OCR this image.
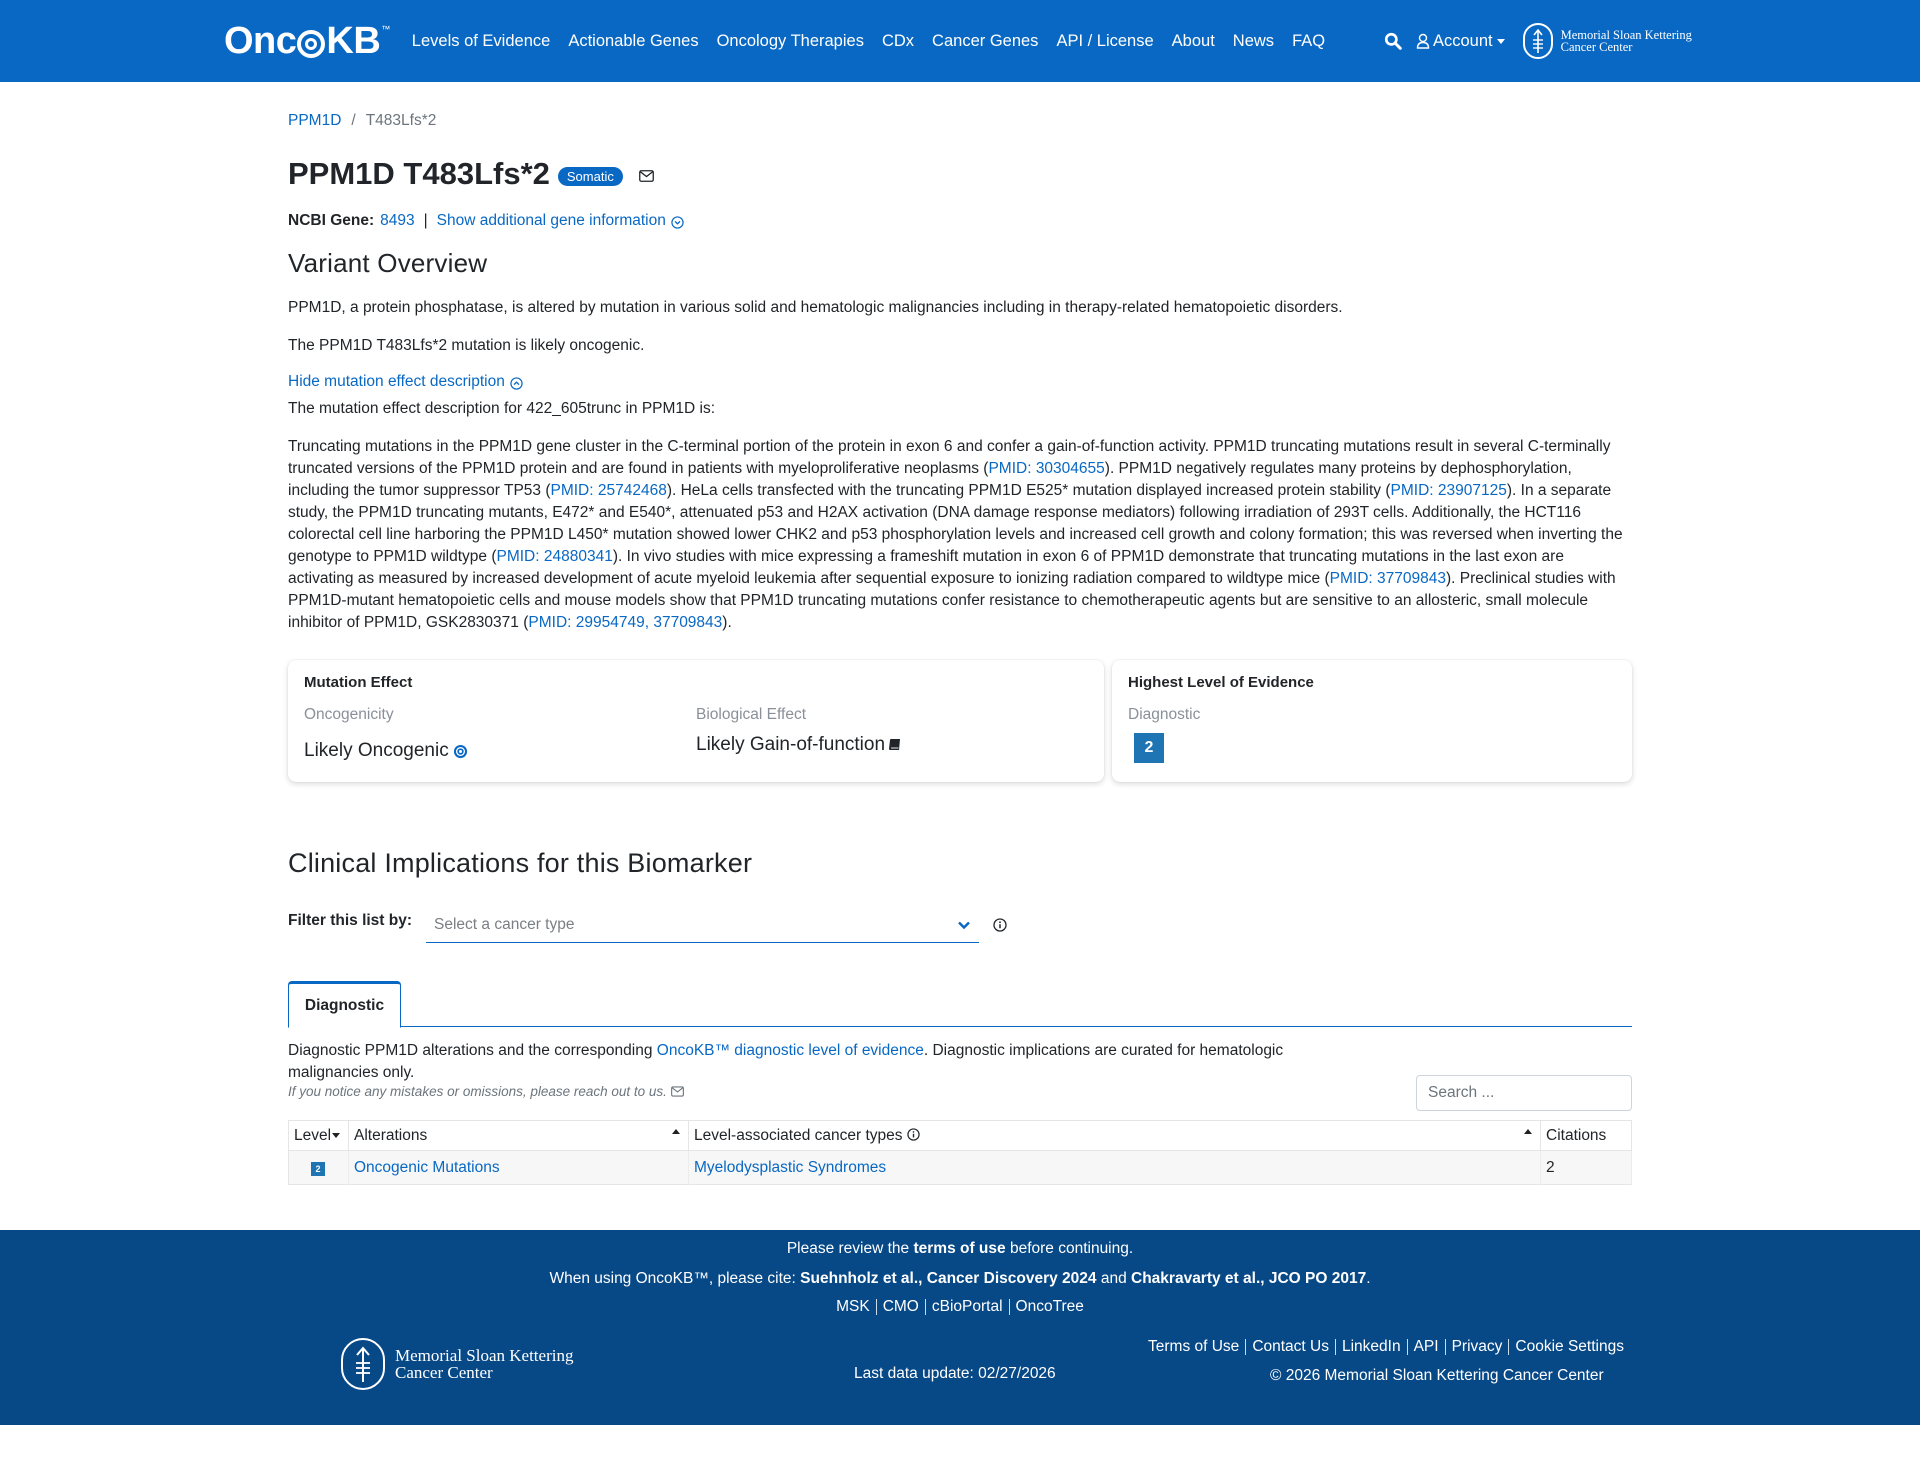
Onc KB ™
Levels of Evidence Actionable Genes Oncology Therapies CDx Cancer Genes API / License About News FAQ	Account	Memorial Sloan Kettering
Cancer Center
PPM1D / T483Lfs*2
PPM1D T483Lfs*2	Somatic
NCBI Gene: 8493 | Show additional gene information
Variant Overview

PPM1D, a protein phosphatase, is altered by mutation in various solid and hematologic malignancies including in therapy-related hematopoietic disorders.

The PPM1D T483Lfs*2 mutation is likely oncogenic.

Hide mutation effect description

The mutation effect description for 422_605trunc in PPM1D is:

Truncating mutations in the PPM1D gene cluster in the C-terminal portion of the protein in exon 6 and confer a gain-of-function activity. PPM1D truncating mutations result in several C-terminally truncated versions of the PPM1D protein and are found in patients with myeloproliferative neoplasms (PMID: 30304655). PPM1D negatively regulates many proteins by dephosphorylation, including the tumor suppressor TP53 (PMID: 25742468). HeLa cells transfected with the truncating PPM1D E525* mutation displayed increased protein stability (PMID: 23907125). In a separate study, the PPM1D truncating mutants, E472* and E540*, attenuated p53 and H2AX activation (DNA damage response mediators) following irradiation of 293T cells. Additionally, the HCT116 colorectal cell line harboring the PPM1D L450* mutation showed lower CHK2 and p53 phosphorylation levels and increased cell growth and colony formation; this was reversed when inverting the genotype to PPM1D wildtype (PMID: 24880341). In vivo studies with mice expressing a frameshift mutation in exon 6 of PPM1D demonstrate that truncating mutations in the last exon are activating as measured by increased development of acute myeloid leukemia after sequential exposure to ionizing radiation compared to wildtype mice (PMID: 37709843). Preclinical studies with PPM1D-mutant hematopoietic cells and mouse models show that PPM1D truncating mutations confer resistance to chemotherapeutic agents but are sensitive to an allosteric, small molecule inhibitor of PPM1D, GSK2830371 (PMID: 29954749, 37709843).

Mutation Effect
Oncogenicity
Likely Oncogenic
Biological Effect
Likely Gain-of-function
Highest Level of Evidence
Diagnostic
2
Clinical Implications for this Biomarker
Filter this list by: Select a cancer type
Diagnostic

Diagnostic PPM1D alterations and the corresponding OncoKB™ diagnostic level of evidence. Diagnostic implications are curated for hematologic malignancies only.

If you notice any mistakes or omissions, please reach out to us.	Search ...
Level	Alterations	Level-associated cancer types	Citations
2	Oncogenic Mutations	Myelodysplastic Syndromes	2
Please review the terms of use before continuing.
When using OncoKB™, please cite: Suehnholz et al., Cancer Discovery 2024 and Chakravarty et al., JCO PO 2017.
MSK CMO cBioPortal OncoTree
Memorial Sloan Kettering
Cancer Center	Last data update: 02/27/2026
Terms of Use Contact Us LinkedIn API Privacy Cookie Settings
© 2026 Memorial Sloan Kettering Cancer Center
